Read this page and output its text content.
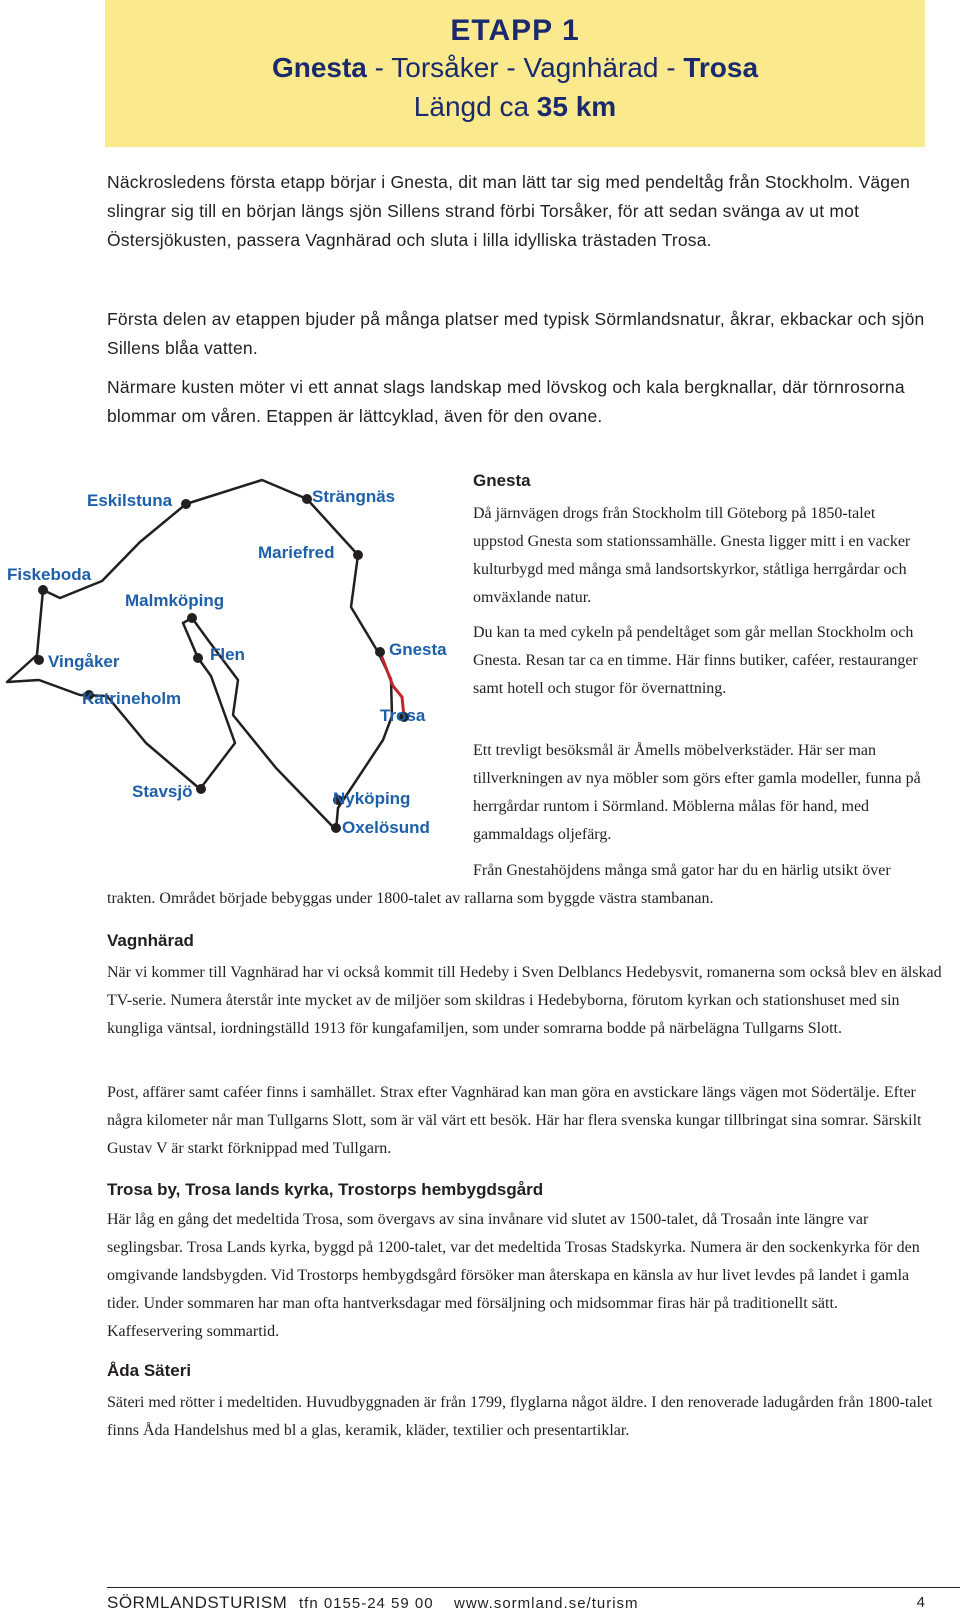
ETAPP 1
Gnesta - Torsåker - Vagnhärad - Trosa
Längd ca 35 km

Näckrosledens första etapp börjar i Gnesta, dit man lätt tar sig med pendeltåg från Stockholm. Vägen slingrar sig till en början längs sjön Sillens strand förbi Torsåker, för att sedan svänga av ut mot Östersjökusten, passera Vagnhärad och sluta i lilla idylliska trästaden Trosa.

Första delen av etappen bjuder på många platser med typisk Sörmlandsnatur, åkrar, ekbackar och sjön Sillens blåa vatten.

Närmare kusten möter vi ett annat slags landskap med lövskog och kala bergknallar, där törnrosorna blommar om våren. Etappen är lättcyklad, även för den ovane.

Eskilstuna	Strängnäs
Mariefred
Fiskeboda
Malmköping
Flen	Gnesta
Vingåker
Katrineholm
Trosa
Stavsjö	Nyköping
Oxelösund
Gnesta
Då järnvägen drogs från Stockholm till Göteborg på 1850-talet uppstod Gnesta som stationssamhälle. Gnesta ligger mitt i en vacker kulturbygd med många små landsortskyrkor, ståtliga herrgårdar och omväxlande natur.
Du kan ta med cykeln på pendeltåget som går mellan Stockholm och Gnesta. Resan tar ca en timme. Här finns butiker, caféer, restauranger samt hotell och stugor för övernattning.
Ett trevligt besöksmål är Åmells möbelverkstäder. Här ser man tillverkningen av nya möbler som görs efter gamla modeller, funna på herrgårdar runtom i Sörmland. Möblerna målas för hand, med gammaldags oljefärg.
Från Gnestahöjdens många små gator har du en härlig utsikt över trakten. Området började bebyggas under 1800-talet av rallarna som byggde västra stambanan.
Vagnhärad
När vi kommer till Vagnhärad har vi också kommit till Hedeby i Sven Delblancs Hedebysvit, romanerna som också blev en älskad TV-serie. Numera återstår inte mycket av de miljöer som skildras i Hedebyborna, förutom kyrkan och stationshuset med sin kungliga väntsal, iordningställd 1913 för kungafamiljen, som under somrarna bodde på närbelägna Tullgarns Slott.
Post, affärer samt caféer finns i samhället. Strax efter Vagnhärad kan man göra en avstickare längs vägen mot Södertälje. Efter några kilometer når man Tullgarns Slott, som är väl värt ett besök. Här har flera svenska kungar tillbringat sina somrar. Särskilt Gustav V är starkt förknippad med Tullgarn.
Trosa by, Trosa lands kyrka, Trostorps hembygdsgård
Här låg en gång det medeltida Trosa, som övergavs av sina invånare vid slutet av 1500-talet, då Trosaån inte längre var seglingsbar. Trosa Lands kyrka, byggd på 1200-talet, var det medeltida Trosas Stadskyrka. Numera är den sockenkyrka för den omgivande landsbygden. Vid Trostorps hembygdsgård försöker man återskapa en känsla av hur livet levdes på landet i gamla tider. Under sommaren har man ofta hantverksdagar med försäljning och midsommar firas här på traditionellt sätt. Kaffeservering sommartid.
Åda Säteri
Säteri med rötter i medeltiden. Huvudbyggnaden är från 1799, flyglarna något äldre. I den renoverade ladugården från 1800-talet finns Åda Handelshus med bl a glas, keramik, kläder, textilier och presentartiklar.
SÖRMLANDSTURISM tfn 0155-24 59 00 www.sormland.se/turism	4
